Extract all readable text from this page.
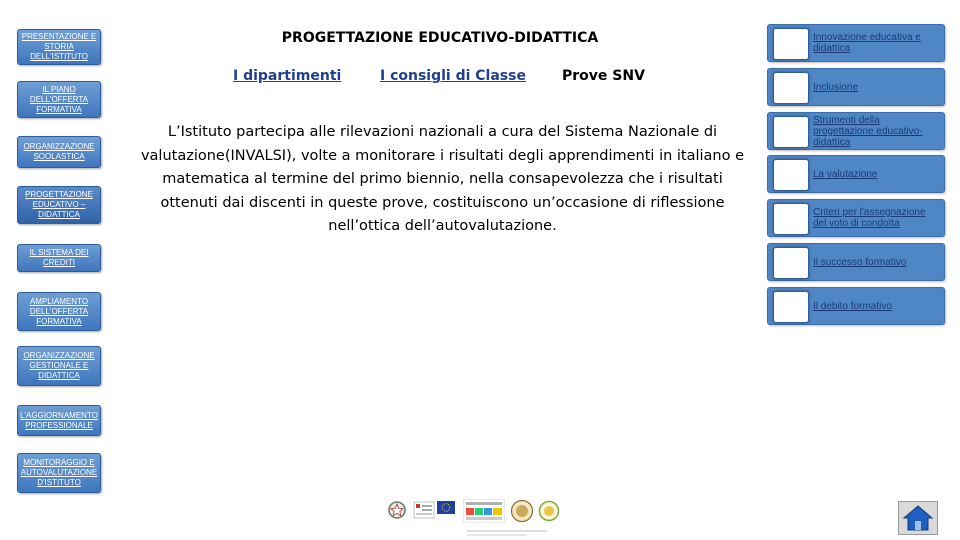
PRESENTAZIONE E STORIA DELL'ISTITUTO
IL PIANO DELL'OFFERTA FORMATIVA
ORGANIZZAZIONE SOOLASTICA
PROGETTAZIONE EDUCATIVO – DIDATTICA
IL SISTEMA DEI CREDITI
AMPLIAMENTO DELL'OFFERTA FORMATIVA
ORGANIZZAZIONE GESTIONALE E DIDATTICA
L'AGGIORNAMENTO PROFESSIONALE
MONITORAGGIO E AUTOVALUTAZIONE D'ISTITUTO
PROGETTAZIONE EDUCATIVO-DIDATTICA
I dipartimenti	I consigli di Classe	Prove SNV
L’Istituto partecipa alle rilevazioni nazionali a cura del Sistema Nazionale di valutazione(INVALSI), volte a monitorare i risultati degli apprendimenti in italiano e matematica al termine del primo biennio, nella consapevolezza che i risultati ottenuti dai discenti in queste prove, costituiscono un’occasione di riflessione nell’ottica dell’autovalutazione.
Innovazione educativa e didattica
Inclusione
Strumenti della progettazione educativo-didattica
La valutazione
Criteri per l'assegnazione del voto di condotta
Il successo formativo
Il debito formativo
